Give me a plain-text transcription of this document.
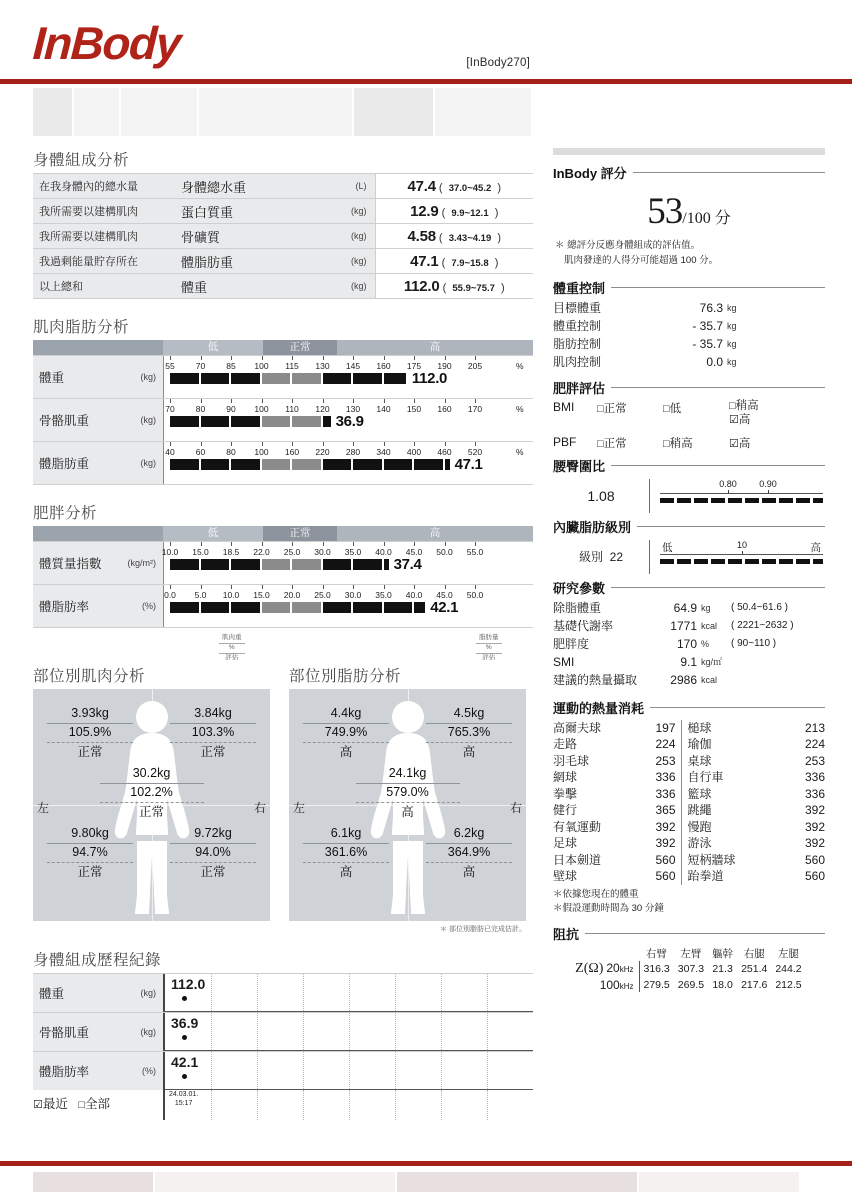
InBody	[InBody270]
身體組成分析
在我身體內的總水量	身體總水重	(L)	47.4 (  37.0~45.2  )
我所需要以建構肌肉	蛋白質重	(kg)	12.9 (  9.9~12.1  )
我所需要以建構肌肉	骨礦質	(kg)	4.58 (  3.43~4.19  )
我過剩能量貯存所在	體脂肪重	(kg)	47.1 (  7.9~15.8  )
以上總和	體重	(kg)	112.0 (  55.9~75.7  )
肌肉脂肪分析
低	正常	高
體重	(kg)
55 70 85 100 115 130 145 160 175 190 205	%
112.0
骨骼肌重	(kg)
70 80 90 100 110 120 130 140 150 160 170	%
36.9
體脂肪重	(kg)
40 60 80 100 160 220 280 340 400 460 520	%
47.1
肥胖分析
低	正常	高
體質量指數	(kg/m²)
10.0 15.0 18.5 22.0 25.0 30.0 35.0 40.0 45.0 50.0 55.0
37.4
體脂肪率	(%)
0.0 5.0 10.0 15.0 20.0 25.0 30.0 35.0 40.0 45.0 50.0
42.1
肌肉重
%
評估
脂肪量
%
評估
部位別肌肉分析
3.93kg
105.9%
正常
3.84kg
103.3%
正常
30.2kg
102.2%
正常
9.80kg
94.7%
正常
9.72kg
94.0%
正常
左	右
部位別脂肪分析
4.4kg
749.9%
高
4.5kg
765.3%
高
24.1kg
579.0%
高
6.1kg
361.6%
高
6.2kg
364.9%
高
左	右
＊ 部位別脂肪已完成估計。
身體組成歷程紀錄
體重	(kg)
112.0
骨骼肌重	(kg)
36.9
體脂肪率	(%)
42.1
☑最近 □全部
24.03.01.
15:17
InBody 評分
53/100 分
＊ 總評分反應身體組成的評估值。
肌肉發達的人得分可能超過 100 分。
體重控制
目標體重	76.3 kg
體重控制	- 35.7 kg
脂肪控制	- 35.7 kg
肌肉控制	0.0 kg
肥胖評估
BMI	□正常	□低	□稍高
☑高
PBF	□正常	□稍高	☑高
腰臀圍比
1.08
0.80 0.90
內臟脂肪級別
級別 22
低	10	高
研究參數
除脂體重	64.9 kg	( 50.4~61.6 )
基礎代謝率	1771 kcal	( 2221~2632 )
肥胖度	170 %	( 90~110 )
SMI	9.1 kg/㎡
建議的熱量攝取	2986 kcal
運動的熱量消耗
高爾夫球	197	槌球	213
走路	224	瑜伽	224
羽毛球	253	桌球	253
網球	336	自行車	336
拳擊	336	籃球	336
健行	365	跳繩	392
有氧運動	392	慢跑	392
足球	392	游泳	392
日本劍道	560	短柄牆球	560
壁球	560	跆拳道	560
＊依據您現在的體重
＊假設運動時間為 30 分鐘
阻抗
	右臂	左臂	軀幹	右腿	左腿
Z(Ω) 20kHz	316.3	307.3	21.3	251.4	244.2
100kHz	279.5	269.5	18.0	217.6	212.5
